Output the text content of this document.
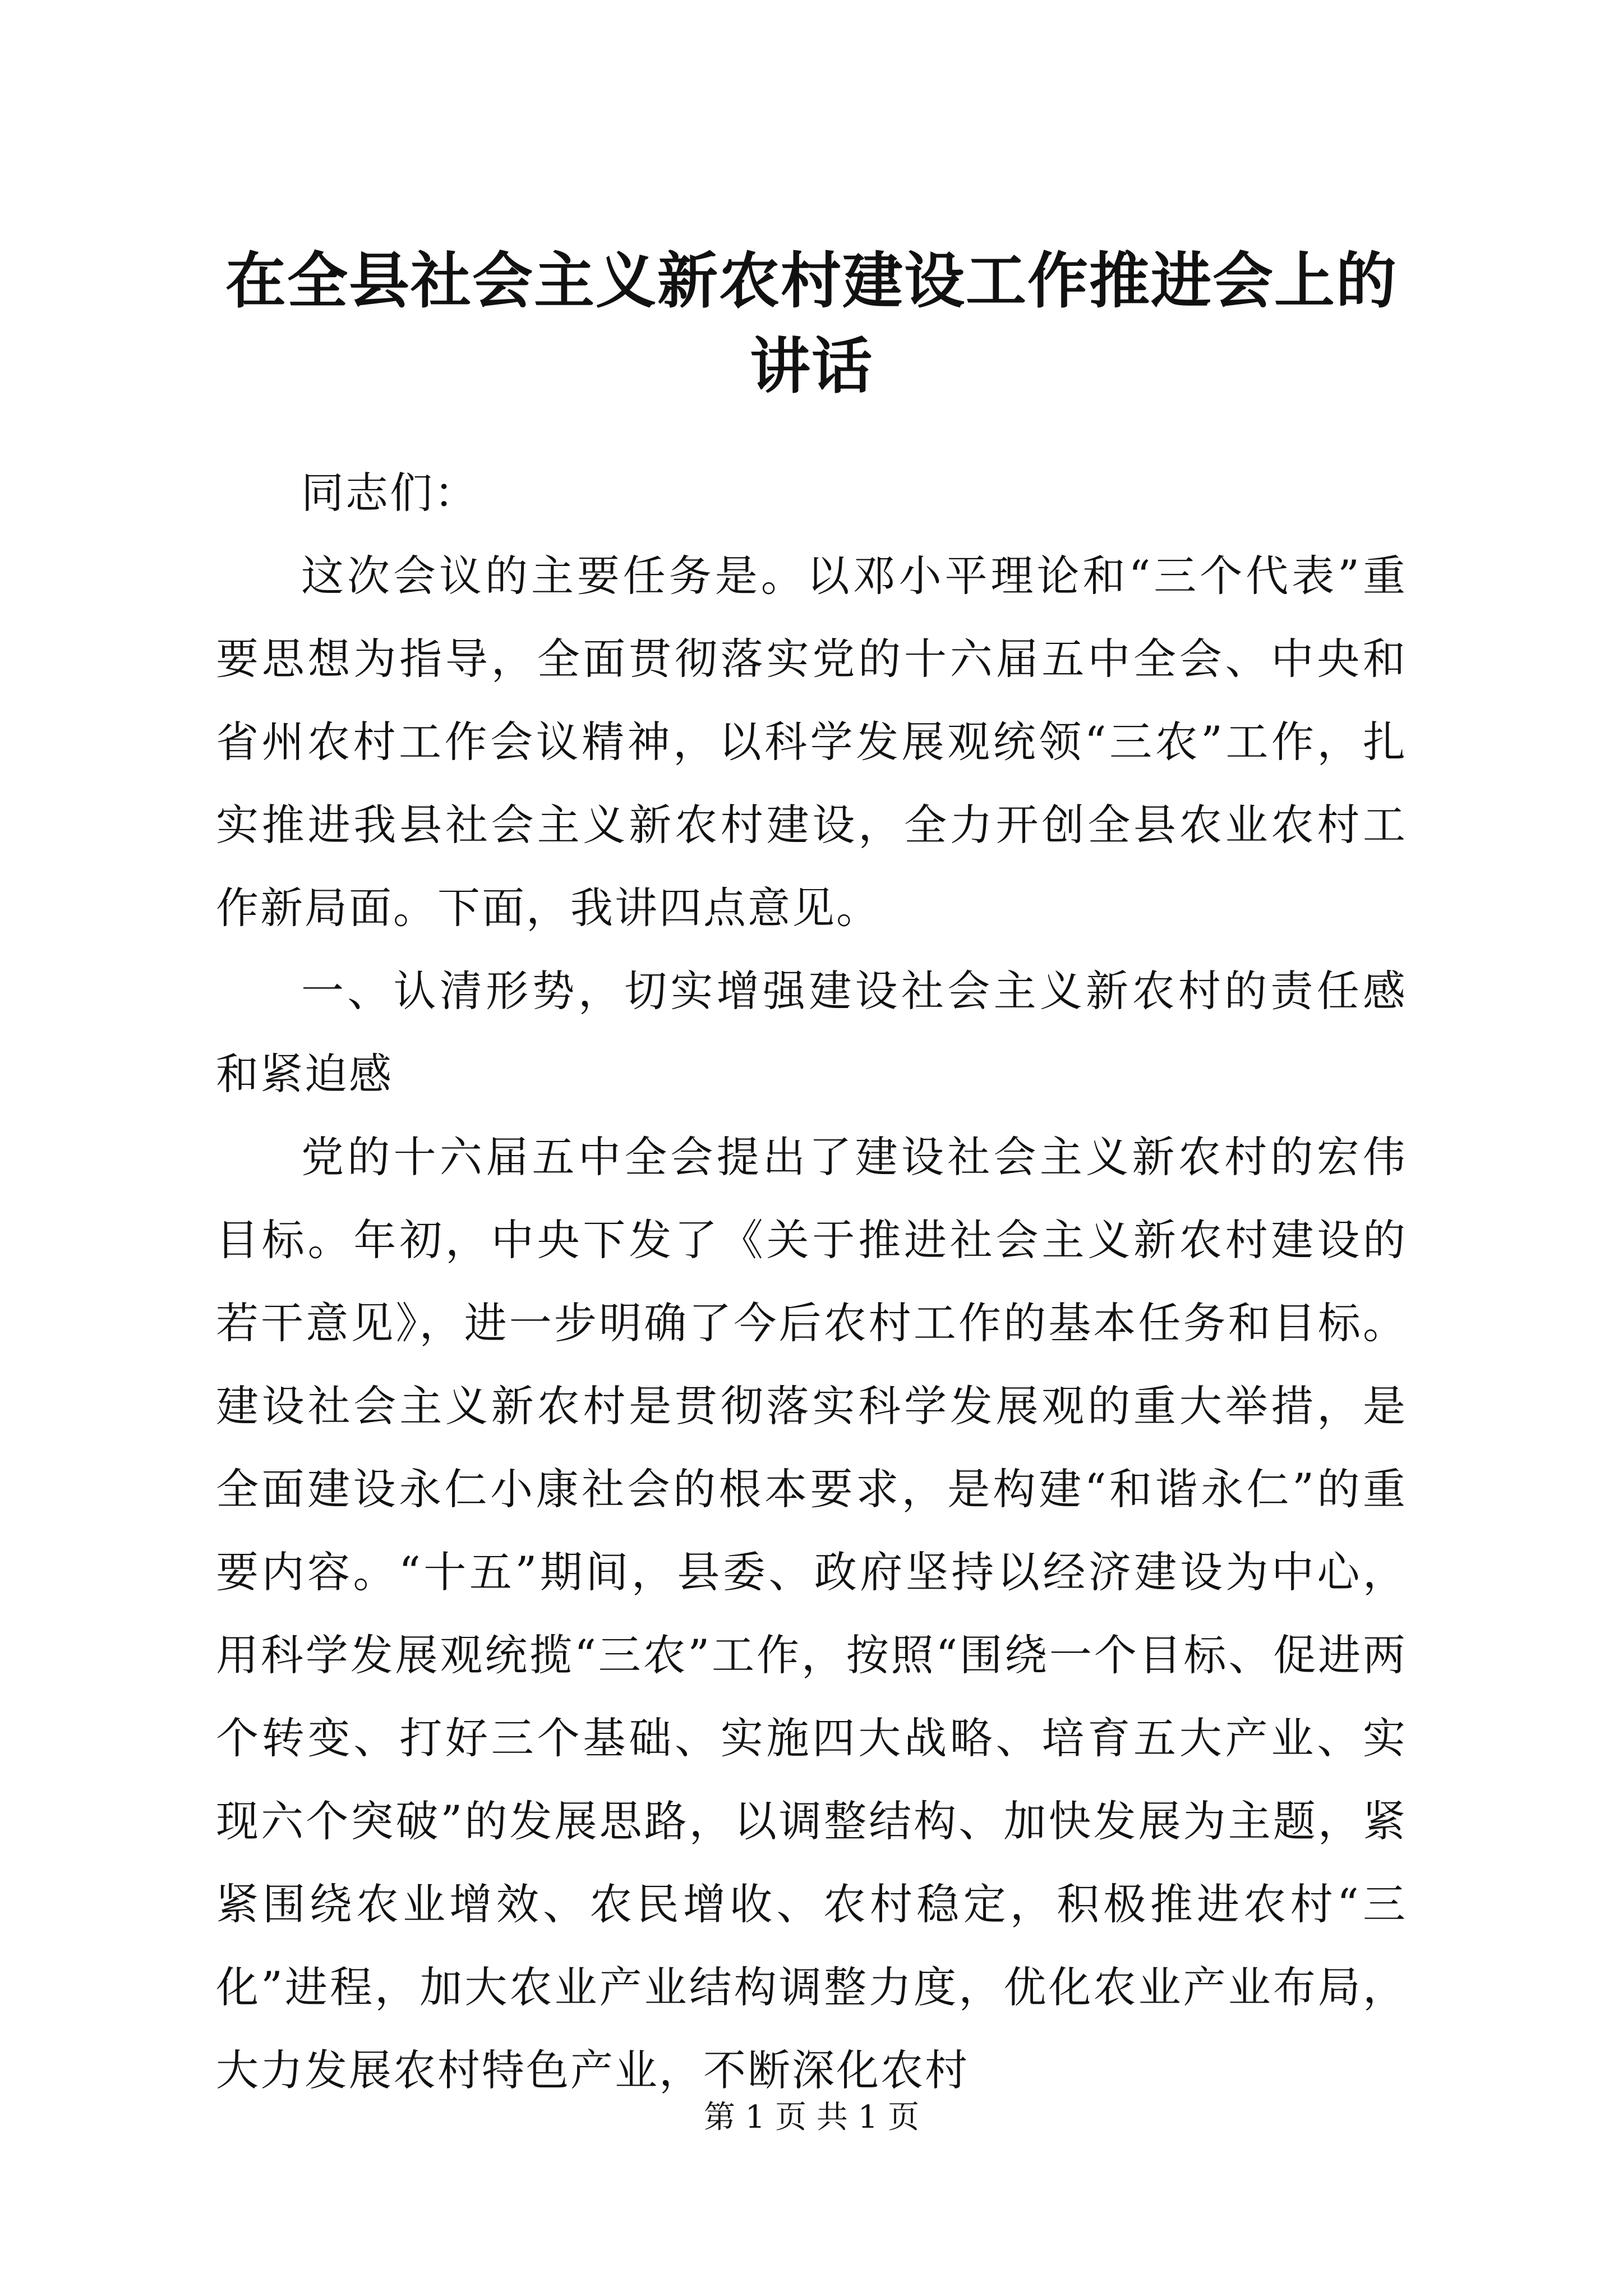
在全县社会主义新农村建设工作推进会上的讲话

同志们：

这次会议的主要任务是。以邓小平理论和“三个代表”重要思想为指导，全面贯彻落实党的十六届五中全会、中央和省州农村工作会议精神，以科学发展观统领“三农”工作，扎实推进我县社会主义新农村建设，全力开创全县农业农村工作新局面。下面，我讲四点意见。

一、认清形势，切实增强建设社会主义新农村的责任感和紧迫感

党的十六届五中全会提出了建设社会主义新农村的宏伟目标。年初，中央下发了《关于推进社会主义新农村建设的若干意见》，进一步明确了今后农村工作的基本任务和目标。建设社会主义新农村是贯彻落实科学发展观的重大举措，是全面建设永仁小康社会的根本要求，是构建“和谐永仁”的重要内容。“十五”期间，县委、政府坚持以经济建设为中心，用科学发展观统揽“三农”工作，按照“围绕一个目标、促进两个转变、打好三个基础、实施四大战略、培育五大产业、实现六个突破”的发展思路，以调整结构、加快发展为主题，紧紧围绕农业增效、农民增收、农村稳定，积极推进农村“三化”进程，加大农业产业结构调整力度，优化农业产业布局，大力发展农村特色产业，不断深化农村

第 1 页 共 1 页
